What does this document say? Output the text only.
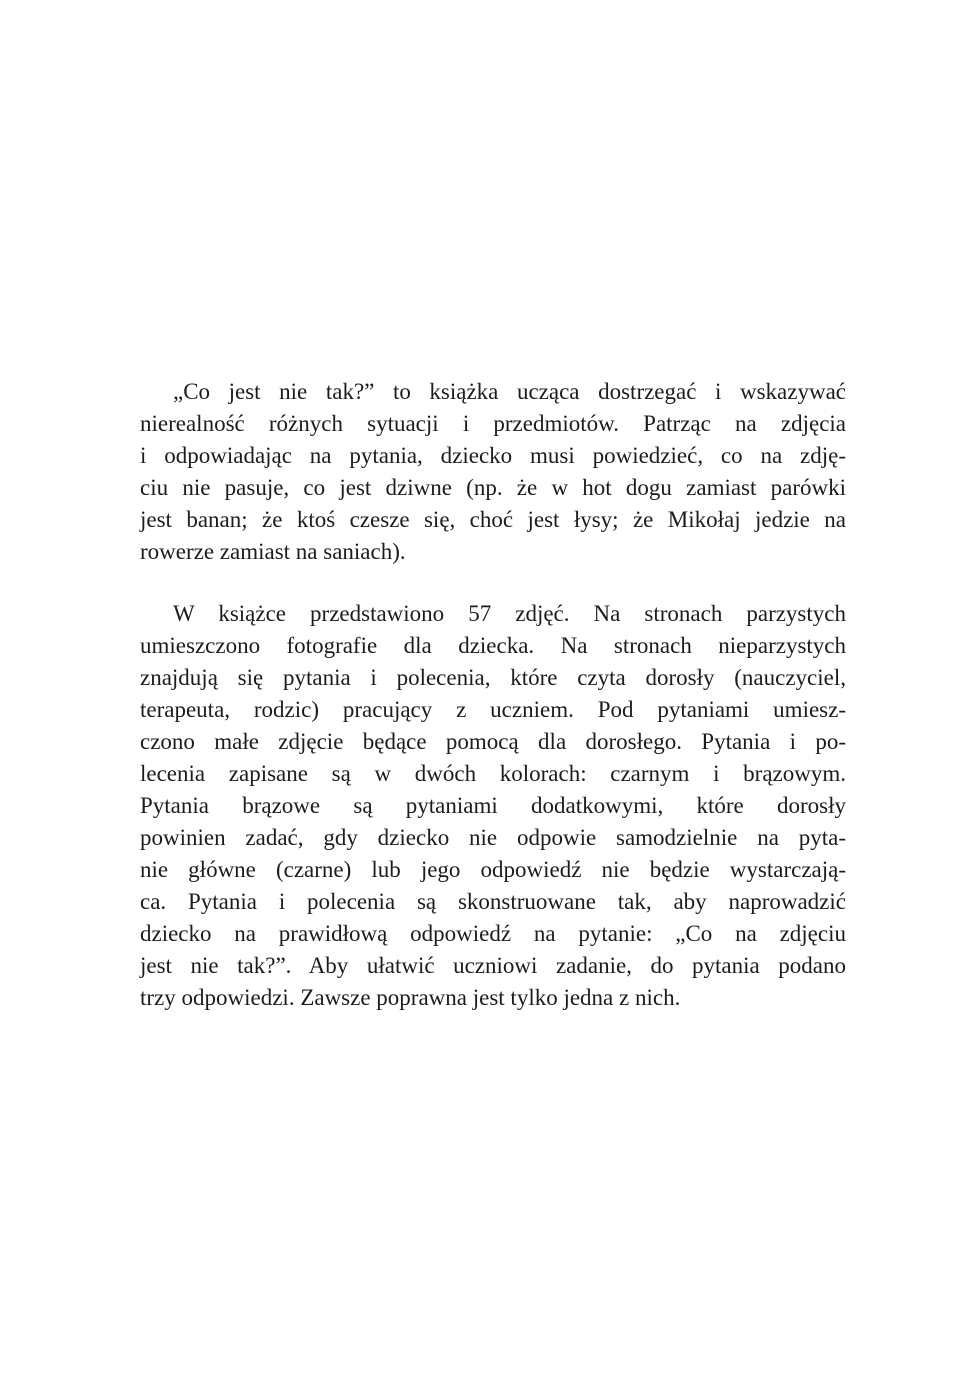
„Co jest nie tak?” to książka ucząca dostrzegać i wskazywać
nierealność różnych sytuacji i przedmiotów. Patrząc na zdjęcia
i odpowiadając na pytania, dziecko musi powiedzieć, co na zdję-
ciu nie pasuje, co jest dziwne (np. że w hot dogu zamiast parówki
jest banan; że ktoś czesze się, choć jest łysy; że Mikołaj jedzie na
rowerze zamiast na saniach).
W książce przedstawiono 57 zdjęć. Na stronach parzystych
umieszczono fotografie dla dziecka. Na stronach nieparzystych
znajdują się pytania i polecenia, które czyta dorosły (nauczyciel,
terapeuta, rodzic) pracujący z uczniem. Pod pytaniami umiesz-
czono małe zdjęcie będące pomocą dla dorosłego. Pytania i po-
lecenia zapisane są w dwóch kolorach: czarnym i brązowym.
Pytania brązowe są pytaniami dodatkowymi, które dorosły
powinien zadać, gdy dziecko nie odpowie samodzielnie na pyta-
nie główne (czarne) lub jego odpowiedź nie będzie wystarczają-
ca. Pytania i polecenia są skonstruowane tak, aby naprowadzić
dziecko na prawidłową odpowiedź na pytanie: „Co na zdjęciu
jest nie tak?”. Aby ułatwić uczniowi zadanie, do pytania podano
trzy odpowiedzi. Zawsze poprawna jest tylko jedna z nich.
